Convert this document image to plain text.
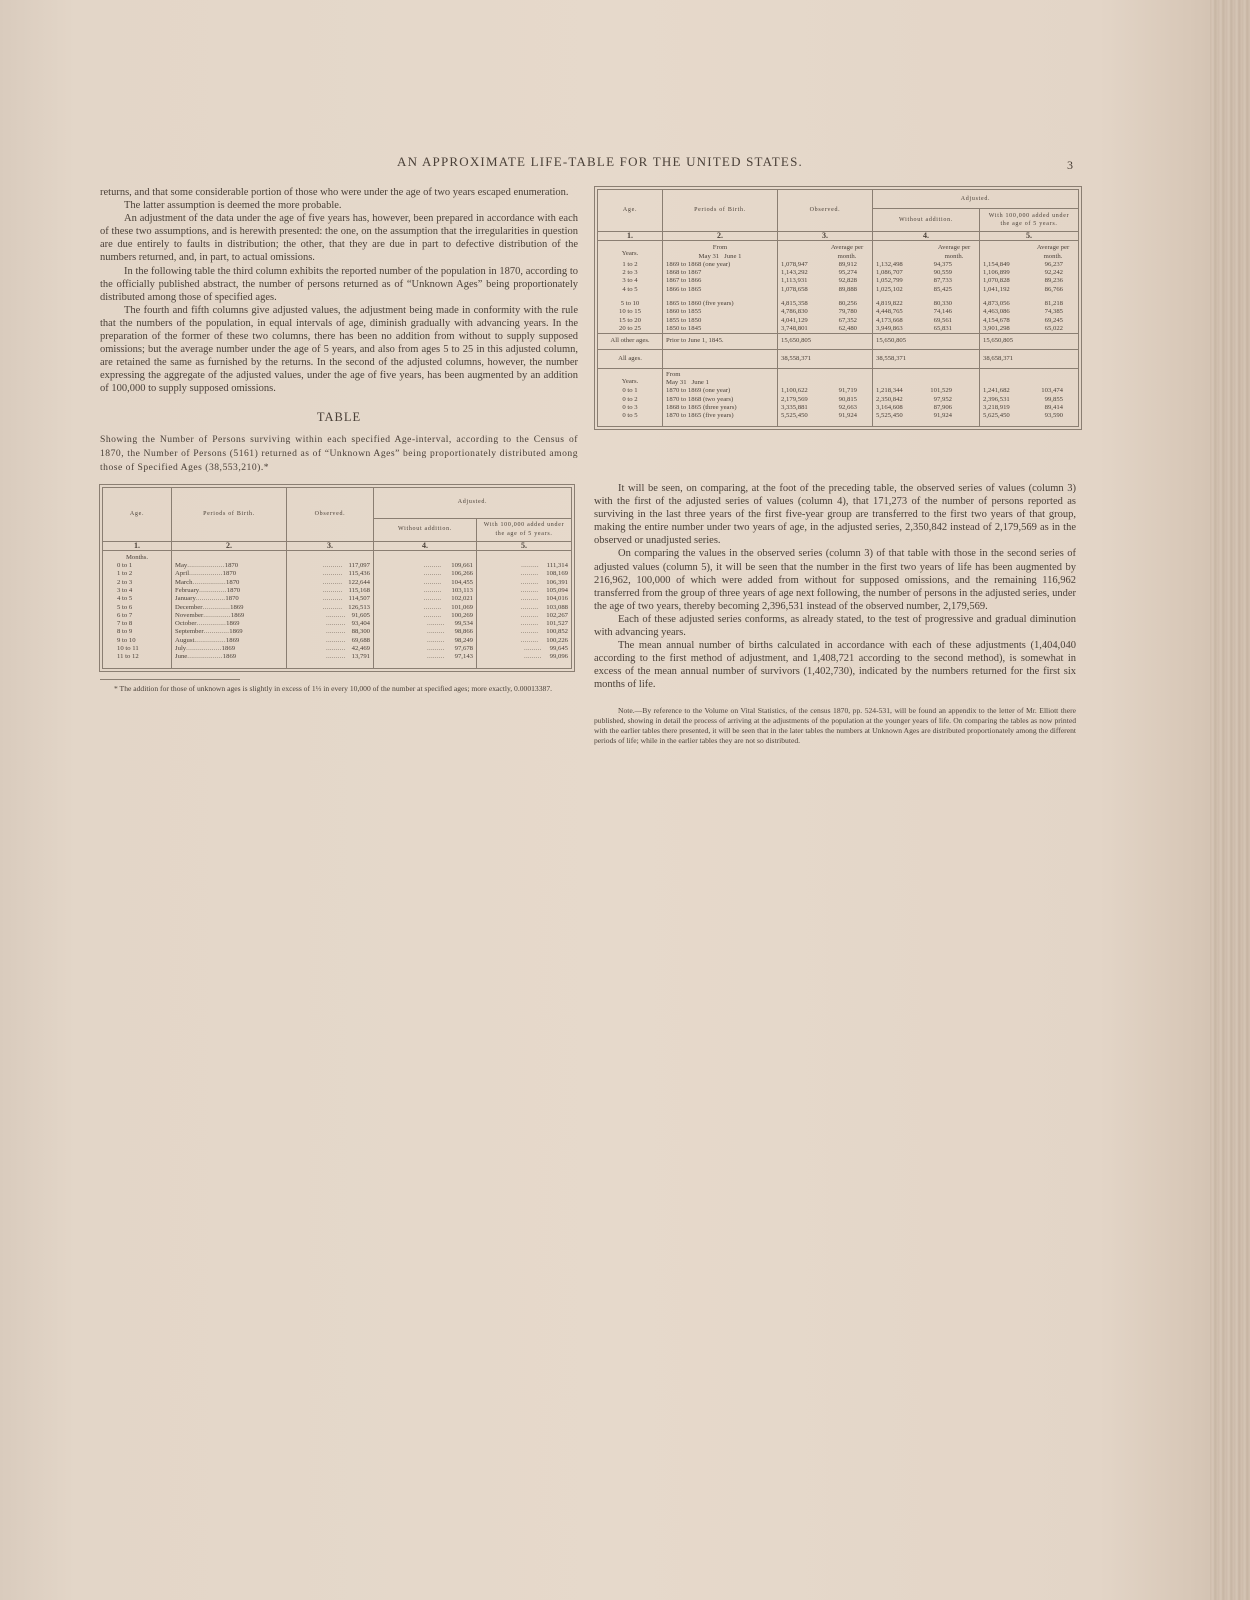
AN APPROXIMATE LIFE-TABLE FOR THE UNITED STATES.	3

returns, and that some considerable portion of those who were under the age of two years escaped enumeration.

The latter assumption is deemed the more probable.

An adjustment of the data under the age of five years has, however, been prepared in accordance with each of these two assumptions, and is herewith presented: the one, on the assumption that the irregularities in question are due entirely to faults in distribution; the other, that they are due in part to defective distribution of the numbers returned, and, in part, to actual omissions.

In the following table the third column exhibits the reported number of the population in 1870, according to the officially published abstract, the number of persons returned as of “Unknown Ages” being proportionately distributed among those of specified ages.

The fourth and fifth columns give adjusted values, the adjustment being made in conformity with the rule that the numbers of the population, in equal intervals of age, diminish gradually with advancing years. In the preparation of the former of these two columns, there has been no addition from without to supply supposed omissions; but the average number under the age of 5 years, and also from ages 5 to 25 in this adjusted column, are retained the same as furnished by the returns. In the second of the adjusted columns, however, the number expressing the aggregate of the adjusted values, under the age of five years, has been augmented by an addition of 100,000 to supply supposed omissions.

TABLE

Showing the Number of Persons surviving within each specified Age-interval, according to the Census of 1870, the Number of Persons (5161) returned as of “Unknown Ages” being proportionately distributed among those of Specified Ages (38,553,210).*

Age.	Periods of Birth.	Observed.	Adjusted.	
			Without addition.	With 100,000 added under the age of 5 years.
1.	2.	3.	4.	5.
Months.				
0 to 1	May...................1870	..........   117,097	.........     109,661	.........    111,314
1 to 2	April.................1870	..........   115,436	.........     106,266	.........    108,169
2 to 3	March.................1870	..........   122,644	.........     104,455	.........    106,391
3 to 4	February..............1870	..........   115,168	.........     103,113	.........    105,094
4 to 5	January...............1870	..........   114,507	.........     102,021	.........    104,016
5 to 6	December..............1869	..........   126,513	.........     101,069	.........    103,088
6 to 7	November..............1869	..........   91,605	.........     100,269	.........    102,267
7 to 8	October...............1869	..........   93,404	.........     99,534	.........    101,527
8 to 9	September.............1869	..........   88,300	.........     98,866	.........    100,852
9 to 10	August................1869	..........   69,688	.........     98,249	.........    100,226
10 to 11	July..................1869	..........   42,469	.........     97,678	.........    99,645
11 to 12	June..................1869	..........   13,791	.........     97,143	.........    99,096

* The addition for those of unknown ages is slightly in excess of 1⅓ in every 10,000 of the number at specified ages; more exactly, 0.00013387.

Age.	Periods of Birth.	Observed.	Adjusted.	
			Without addition.	With 100,000 added under the age of 5 years.
1.	2.	3.	4.	5.
Years.	From
May 31 June 1	Average per month.	Average per month.	Average per month.
1 to 2	1869 to 1868 (one year)	1,078,947 89,912	1,132,498 94,375	1,154,849 96,237
2 to 3	1868 to 1867	1,143,292 95,274	1,086,707 90,559	1,106,899 92,242
3 to 4	1867 to 1866	1,113,931 92,828	1,052,799 87,733	1,070,828 89,236
4 to 5	1866 to 1865	1,078,658 89,888	1,025,102 85,425	1,041,192 86,766

5 to 10	1865 to 1860 (five years)	4,815,358 80,256	4,819,822 80,330	4,873,056 81,218
10 to 15	1860 to 1855	4,786,830 79,780	4,448,765 74,146	4,463,086 74,385
15 to 20	1855 to 1850	4,041,129 67,352	4,173,668 69,561	4,154,678 69,245
20 to 25	1850 to 1845	3,748,801 62,480	3,949,863 65,831	3,901,298 65,022
All other ages.	Prior to June 1, 1845.	15,650,805	15,650,805	15,650,805
All ages.		38,558,371	38,558,371	38,658,371
Years.	From
May 31 June 1			

0 to 1	1870 to 1869 (one year)	1,100,622 91,719	1,218,344 101,529	1,241,682 103,474
0 to 2	1870 to 1868 (two years)	2,179,569 90,815	2,350,842 97,952	2,396,531 99,855
0 to 3	1868 to 1865 (three years)	3,335,881 92,663	3,164,608 87,906	3,218,919 89,414
0 to 5	1870 to 1865 (five years)	5,525,450 91,924	5,525,450 91,924	5,625,450 93,590

It will be seen, on comparing, at the foot of the preceding table, the observed series of values (column 3) with the first of the adjusted series of values (column 4), that 171,273 of the number of persons reported as surviving in the last three years of the first five-year group are transferred to the first two years of that group, making the entire number under two years of age, in the adjusted series, 2,350,842 instead of 2,179,569 as in the observed or unadjusted series.

On comparing the values in the observed series (column 3) of that table with those in the second series of adjusted values (column 5), it will be seen that the number in the first two years of life has been augmented by 216,962, 100,000 of which were added from without for supposed omissions, and the remaining 116,962 transferred from the group of three years of age next following, the number of persons in the adjusted series, under the age of two years, thereby becoming 2,396,531 instead of the observed number, 2,179,569.

Each of these adjusted series conforms, as already stated, to the test of progressive and gradual diminution with advancing years.

The mean annual number of births calculated in accordance with each of these adjustments (1,404,040 according to the first method of adjustment, and 1,408,721 according to the second method), is somewhat in excess of the mean annual number of survivors (1,402,730), indicated by the numbers returned for the first six months of life.

Note.—By reference to the Volume on Vital Statistics, of the census 1870, pp. 524-531, will be found an appendix to the letter of Mr. Elliott there published, showing in detail the process of arriving at the adjustments of the population at the younger years of life. On comparing the tables as now printed with the earlier tables there presented, it will be seen that in the later tables the numbers at Unknown Ages are distributed proportionately among the different periods of life; while in the earlier tables they are not so distributed.
